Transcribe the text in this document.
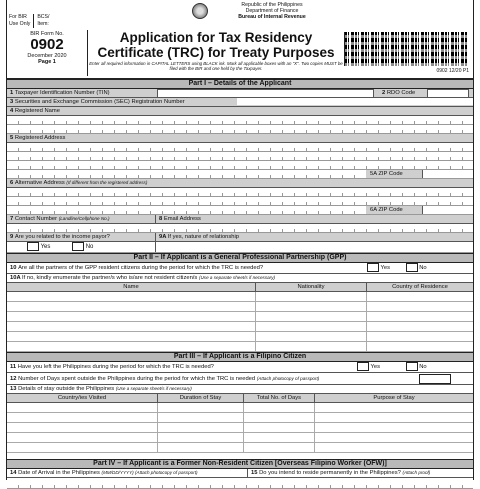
For BIR
Use Only
BCS/
Item:
Republic of the Philippines
Department of Finance
Bureau of Internal Revenue
BIR Form No.
0902
December 2020
Page 1
Application for Tax Residency
Certificate (TRC) for Treaty Purposes
Enter all required information in CAPITAL LETTERS using BLACK ink. Mark all applicable boxes with an "X". Two copies MUST be filed with the BIR and one held by the Taxpayer.	0902 12/20 P1
Part I – Details of the Applicant
1 Taxpayer Identification Number (TIN)	2 RDO Code
3 Securities and Exchange Commission (SEC) Registration Number
4 Registered Name
5 Registered Address
5A ZIP Code
6 Alternative Address (If different from the registered address)
6A ZIP Code
7 Contact Number (Landline/Cellphone No.)	8 Email Address
9 Are you related to the income payor?	9A If yes, nature of relationship
Yes	No
Part II – If Applicant is a General Professional Partnership (GPP)
10 Are all the partners of the GPP resident citizens during the period for which the TRC is needed?	Yes	No
10A If no, kindly enumerate the partner/s who is/are not resident citizen/s (Use a separate sheet/s if necessary)
Name	Nationality	Country of Residence
Part III – If Applicant is a Filipino Citizen
11 Have you left the Philippines during the period for which the TRC is needed?	Yes	No
12 Number of Days spent outside the Philippines during the period for which the TRC is needed (Attach photocopy of passport)
13 Details of stay outside the Philippines (Use a separate sheet/s if necessary)
Country/ies Visited	Duration of Stay	Total No. of Days	Purpose of Stay
Part IV – If Applicant is a Former Non-Resident Citizen [Overseas Filipino Worker (OFW)]
14 Date of Arrival in the Philippines (MM/DD/YYYY) (Attach photocopy of passport)	15 Do you intend to reside permanently in the Philippines? (Attach proof)
